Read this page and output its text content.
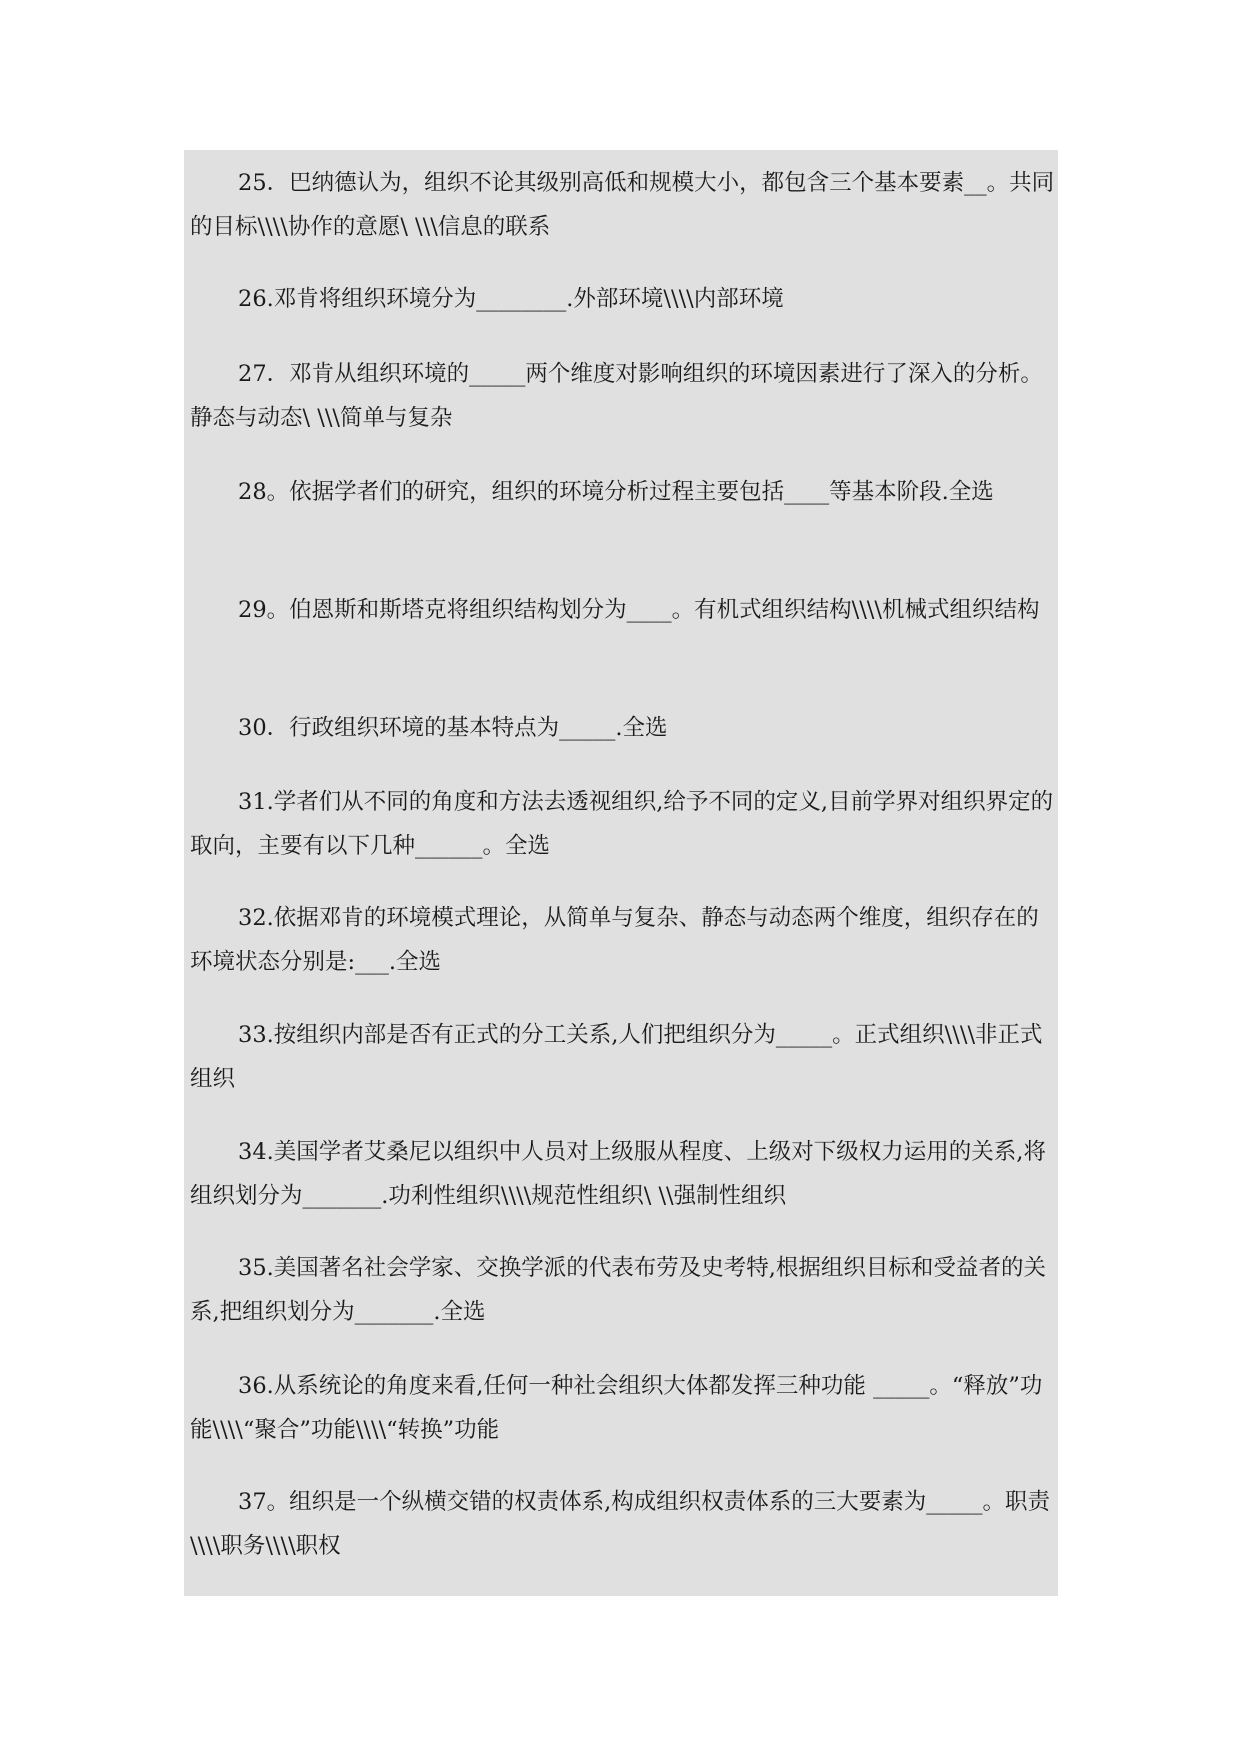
25．巴纳德认为，组织不论其级别高低和规模大小，都包含三个基本要素__。共同的目标\\\\协作的意愿\ \\\信息的联系
26.邓肯将组织环境分为________.外部环境\\\\内部环境
27．邓肯从组织环境的_____两个维度对影响组织的环境因素进行了深入的分析。静态与动态\ \\\简单与复杂
28。依据学者们的研究，组织的环境分析过程主要包括____等基本阶段.全选
29。伯恩斯和斯塔克将组织结构划分为____。有机式组织结构\\\\机械式组织结构
30．行政组织环境的基本特点为_____.全选
31.学者们从不同的角度和方法去透视组织,给予不同的定义,目前学界对组织界定的取向，主要有以下几种______。全选
32.依据邓肯的环境模式理论，从简单与复杂、静态与动态两个维度，组织存在的环境状态分别是:___.全选
33.按组织内部是否有正式的分工关系,人们把组织分为_____。正式组织\\\\非正式组织
34.美国学者艾桑尼以组织中人员对上级服从程度、上级对下级权力运用的关系,将组织划分为_______.功利性组织\\\\规范性组织\ \\强制性组织
35.美国著名社会学家、交换学派的代表布劳及史考特,根据组织目标和受益者的关系,把组织划分为_______.全选
36.从系统论的角度来看,任何一种社会组织大体都发挥三种功能 _____。“释放”功能\\\\“聚合”功能\\\\“转换”功能
37。组织是一个纵横交错的权责体系,构成组织权责体系的三大要素为_____。职责\\\\职务\\\\职权
